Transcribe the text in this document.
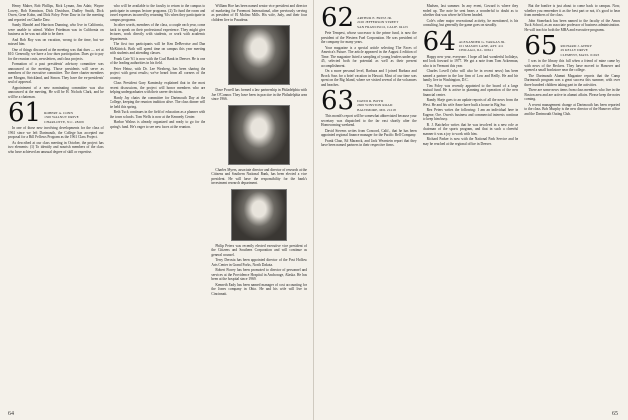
Henry Maher, Bob Phillips, Rick Lyman, Jim Adair, Wayne Lowey, Bob Kennison, Dick Davidson, Dudley Smith, Dick Owen, Gene Kohn, and Dick Foley. Peter Daw in for the meeting and reported on Charlie Daw.

Sandy Mandel and Harrison Dunning, who live in California, were unable to attend. Walter Friedman was in California on business as he was not able to be there.

And Bob Roy was on vacation, wrong to the time, but we missed him.

One of things discussed at the meeting was that dues — set at $10. Generally, we have a low dues participation. Dues go to pay for the reunion costs, newsletters, and class projects.

Formation of a past presidents' advisory committee was announced at the meeting. Those presidents will serve as members of the executive committee. The three charter members are Morgan, Strickland, and Simon. They have the ex-presidents' seal of approval.

Appointment of a new nominating committee was also announced at the meeting. He will be H. Nichols Clark, and he will be a chairman.

61 ROBERT A. CONN
1500 WALNUT DRIVE
CHARLOTTE, N.C. 28209

In one of those new involving developments for the class of 1961 since we left Dartmouth, the College has accepted our proposal for a Bill Fellows Program as the 1961 Class Project.

As described at our class meeting in October, the project has two elements: (1) To identify and nourish members of the class who have achieved an unusual degree of skill or expertise.

who will be available to the faculty to return to the campus to participate in campus lecture programs. (2) To fund the room and travel expenses incurred by returning '61s when they participate in campus programs.

In other words, members of the class, a couple each year, come back to speak on their professional experience. They might give lectures, work directly with students, or work with academic departments.

The first two participants will be Ken DeBevoise and Dan McKittrick. Both will spend time on campus this year meeting with students and attending classes.

Frank Cate '61 is now with the Coal Bank in Denver. He is one of the leading authorities in his field.

Peter Heinz, with Dr. Lee Wexberg, has been sharing the project with great results; we've heard from all corners of the country.

Class President Gary Kaminsky explained that in the most recent discussions, the project will honor members who are helping undergraduates with their career decisions.

Hardy Jay chairs the committee for Dartmouth Day at the College, keeping the reunion tradition alive. The class dinner will be held this spring.

Beth Tuck continues in the field of education as a planner with the town schools. Tom Wells is now at the Kennedy Center.

Harbor Walrus is already organized and ready to go for the spring's fund. He's eager to see new faces at the reunion.

William Hoe has been named senior vice president and director of marketing for Foremost International, after previously serving as president of El Molino Mills. His wife, Judy, and their four children live in Pasadena.

Dave Powell has formed a law partnership in Philadelphia with Joe O'Connor. They have been in practice in the Philadelphia area since 1966.

Charles Myers, associate director and director of research at the Citizens and Southern National Bank, has been elected a vice president. He will have the responsibility for the bank's investment research department.

Philip Peters was recently elected executive vice president of the Citizens and Southern Corporation and will continue as general counsel.

Terry Derosia has been appointed director of the Post Hollow Arts Center in Grand Forks, North Dakota.

Robert Fiorey has been promoted to director of personnel and services at the Providence Hospital in Anchorage, Alaska. He has been at the hospital since 1969.

Kenneth Eady has been named manager of cost accounting for the Jones company in Ohio. He and his wife will live in Cincinnati.

64
62 ARTHUR E. FRITZ JR.
2100 JEFFERSON STREET
SAN FRANCISCO, CALIF. 94123

Pete Tempest, whose successor is the prime fund, is now the president of the Western Fuel Corporation. He was president of the company for many years.

Your magazine is a special article selecting The Faces of America's Future. The article appeared in the August 4 edition of Time. The magazine listed a sampling of young leaders under age 45, selected both for potential as well as their present accomplishment.

On a more personal level, Barbara and I joined Barbara and Brock Sass for a brief vacation in Hawaii. Most of our time was spent on the Big Island, where we visited several of the volcanoes and beaches.

63 DAVID R. BOYD
2600 WINSTON ROAD
BALTIMORE, MD. 21218

This month's report will be somewhat abbreviated because your secretary was dispatched to the far east shortly after the Homecoming weekend.

David Stevens writes from Concord, Calif., that he has been appointed regional finance manager for the Pacific Bell Company.

Frank Chao, Ed Maranck, and Jack Wearstein report that they have been named partners in their respective firms.

Madsen, last summer. In any event, Coward is where they ended up. The note he sent bears a wonderful to doubt as to whether that was where he'd been headed.

Cole's other major recreational activity, he mentioned, is his consulting, but generally the game goes on steadily.

64 ALEXANDER G. VARGAS JR.
101 MASON LANE, APT. 411
CHICAGO, ILL. 60611

Happy new year, everyone. I hope all had wonderful holidays, and look forward to 1977. We got a note from Tom Ackerman, who is in Vermont this year.

Charles Lovell (who will also be in recent news) has been named a partner in the law firm of Low and Reilly. He and his family live in Washington, D.C.

Tim Foley was recently appointed to the board of a large mutual fund. He is active in planning and operation of the new financial center.

Randy Skeje goes to an update reports of all the news from the West. He and his wife Anne have built a house in Big Sur.

Rex Peters writes the following: I am an individual here in Eugene, Ore. Owen's business and commercial interests continue to keep him busy.

B. J. Batchelor writes that he was involved in a new role as chairman of the sports program, and that in such a cheerful manner it was a joy to work with him.

Richard Parker is now with the National Park Service and he may be reached at the regional office in Denver.

But the bonfire is just about to come back to campus. Now, whether you remember it as the best part or not, it's good to hear from members of the class.

John Stoneback has been named to the faculty of the Amos Tuck School, as an associate professor of business administration. He will teach in both the MBA and executive programs.

65 RICHARD J. AVERY
29 KELLY DRIVE
CLEMENT, MASS. 01923

I was in the library this fall when a friend of mine came by with news of the Beckers. They have moved to Hanover and opened a small bookstore near the college.

The Dartmouth Alumni Magazine reports that the Camp Dartmouth program was a great success this summer, with over three hundred children taking part in the activities.

There are some news items from class members who live in the Boston area and are active in alumni affairs. Please keep the notes coming.

A recent management change at Dartmouth has been reported to the class. Bob Murphy is the new director of the Hanover office and the Dartmouth Outing Club.

65
